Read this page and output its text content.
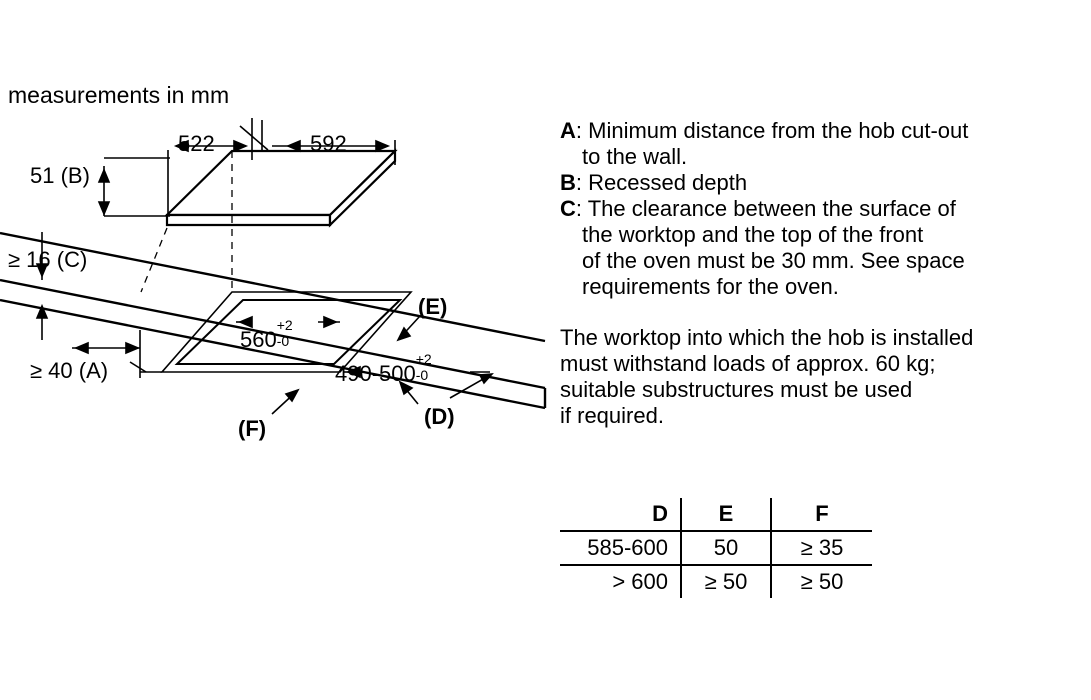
measurements in mm
522	592
51 (B)
≥ 16 (C)
≥ 40 (A)
560
+2
-0
490-500
+2
-0
(E)
(F)	(D)
A: Minimum distance from the hob cut-out
to the wall.
B: Recessed depth
C: The clearance between the surface of
the worktop and the top of the front
of the oven must be 30 mm. See space
requirements for the oven.
The worktop into which the hob is installed
must withstand loads of approx. 60 kg;
suitable substructures must be used
if required.
D	E	F
585-600	50	≥ 35
> 600	≥ 50	≥ 50
